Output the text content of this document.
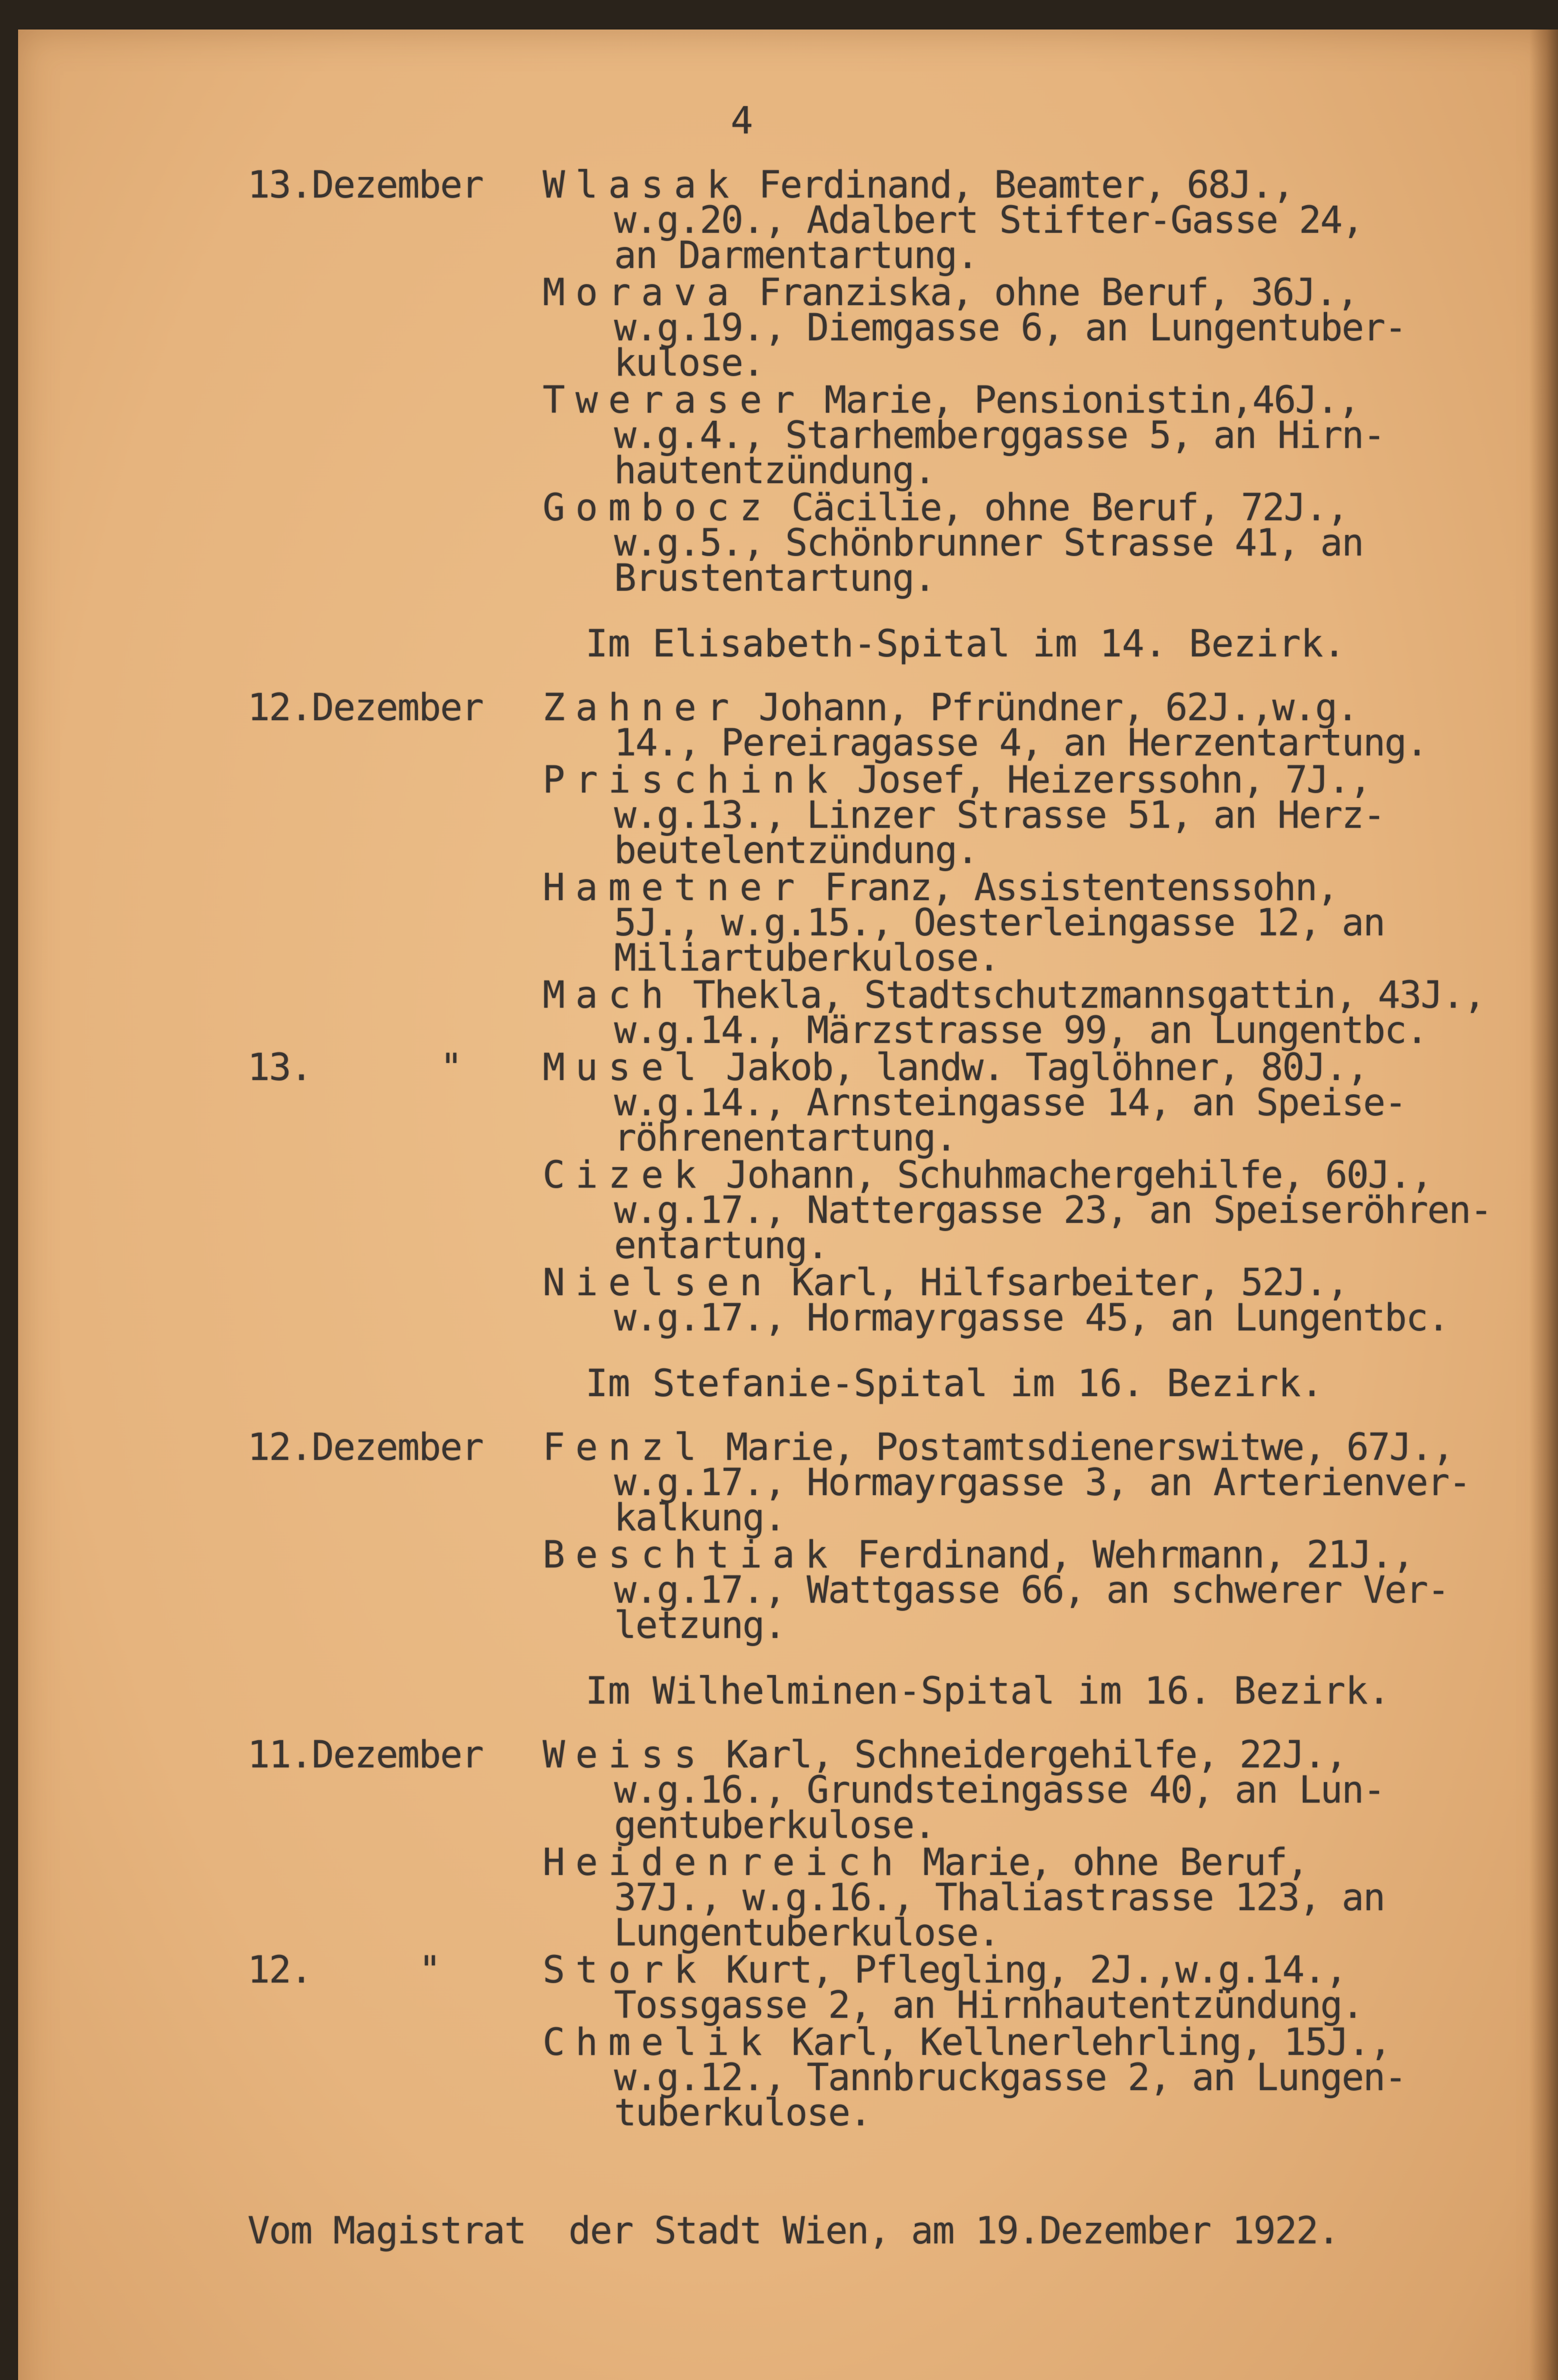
4
13.Dezember Wlasak Ferdinand, Beamter, 68J.,
w.g.20., Adalbert Stifter-Gasse 24,
an Darmentartung.
Morava Franziska, ohne Beruf, 36J.,
w.g.19., Diemgasse 6, an Lungentuber-
kulose.
Tweraser Marie, Pensionistin,46J.,
w.g.4., Starhemberggasse 5, an Hirn-
hautentzündung.
Gombocz Cäcilie, ohne Beruf, 72J.,
w.g.5., Schönbrunner Strasse 41, an
Brustentartung.
Im Elisabeth-Spital im 14. Bezirk.
12.Dezember Zahner Johann, Pfründner, 62J.,w.g.
14., Pereiragasse 4, an Herzentartung.
Prischink Josef, Heizerssohn, 7J.,
w.g.13., Linzer Strasse 51, an Herz-
beutelentzündung.
Hametner Franz, Assistentenssohn,
5J., w.g.15., Oesterleingasse 12, an
Miliartuberkulose.
Mach Thekla, Stadtschutzmannsgattin, 43J.,
w.g.14., Märzstrasse 99, an Lungentbc.
13.      " Musel Jakob, landw. Taglöhner, 80J.,
w.g.14., Arnsteingasse 14, an Speise-
röhrenentartung.
Cizek Johann, Schuhmachergehilfe, 60J.,
w.g.17., Nattergasse 23, an Speiseröhren-
entartung.
Nielsen Karl, Hilfsarbeiter, 52J.,
w.g.17., Hormayrgasse 45, an Lungentbc.
Im Stefanie-Spital im 16. Bezirk.
12.Dezember Fenzl Marie, Postamtsdienerswitwe, 67J.,
w.g.17., Hormayrgasse 3, an Arterienver-
kalkung.
Beschtiak Ferdinand, Wehrmann, 21J.,
w.g.17., Wattgasse 66, an schwerer Ver-
letzung.
Im Wilhelminen-Spital im 16. Bezirk.
11.Dezember Weiss Karl, Schneidergehilfe, 22J.,
w.g.16., Grundsteingasse 40, an Lun-
gentuberkulose.
Heidenreich Marie, ohne Beruf,
37J., w.g.16., Thaliastrasse 123, an
Lungentuberkulose.
12.     "	Stork Kurt, Pflegling, 2J.,w.g.14.,
Tossgasse 2, an Hirnhautentzündung.
Chmelik Karl, Kellnerlehrling, 15J.,
w.g.12., Tannbruckgasse 2, an Lungen-
tuberkulose.
Vom Magistrat  der Stadt Wien, am 19.Dezember 1922.
